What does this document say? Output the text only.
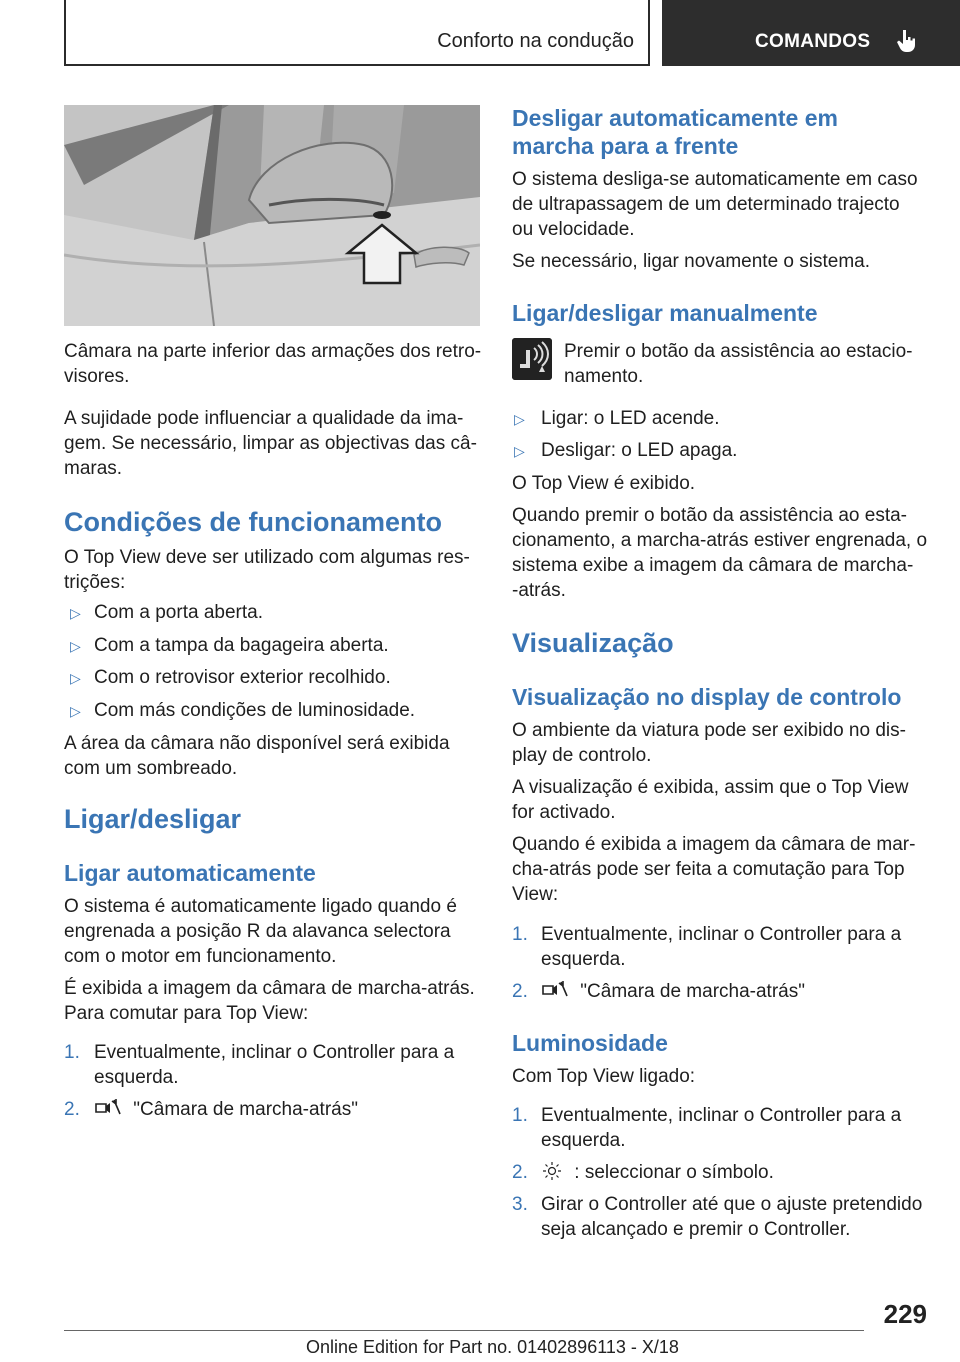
Conforto na condução	COMANDOS

Câmara na parte inferior das armações dos retro-
visores.

A sujidade pode influenciar a qualidade da ima-
gem. Se necessário, limpar as objectivas das câ-
maras.

Condições de funcionamento

O Top View deve ser utilizado com algumas res-
trições:

▷ Com a porta aberta.
▷ Com a tampa da bagageira aberta.
▷ Com o retrovisor exterior recolhido.
▷ Com más condições de luminosidade.

A área da câmara não disponível será exibida
com um sombreado.

Ligar/desligar
Ligar automaticamente

O sistema é automaticamente ligado quando é
engrenada a posição R da alavanca selectora
com o motor em funcionamento.

É exibida a imagem da câmara de marcha-atrás.
Para comutar para Top View:

1. Eventualmente, inclinar o Controller para a
esquerda.

2.	"Câmara de marcha-atrás"
Desligar automaticamente em
marcha para a frente

O sistema desliga-se automaticamente em caso
de ultrapassagem de um determinado trajecto
ou velocidade.

Se necessário, ligar novamente o sistema.

Ligar/desligar manualmente

Premir o botão da assistência ao estacio-
namento.

▷ Ligar: o LED acende.
▷ Desligar: o LED apaga.

O Top View é exibido.

Quando premir o botão da assistência ao esta-
cionamento, a marcha-atrás estiver engrenada, o
sistema exibe a imagem da câmara de marcha-
-atrás.

Visualização
Visualização no display de controlo

O ambiente da viatura pode ser exibido no dis-
play de controlo.

A visualização é exibida, assim que o Top View
for activado.

Quando é exibida a imagem da câmara de mar-
cha-atrás pode ser feita a comutação para Top
View:

1. Eventualmente, inclinar o Controller para a
esquerda.

2.	"Câmara de marcha-atrás"
Luminosidade

Com Top View ligado:

1. Eventualmente, inclinar o Controller para a
esquerda.

2.	: seleccionar o símbolo.
3. Girar o Controller até que o ajuste pretendido
seja alcançado e premir o Controller.

229
Online Edition for Part no. 01402896113 - X/18
